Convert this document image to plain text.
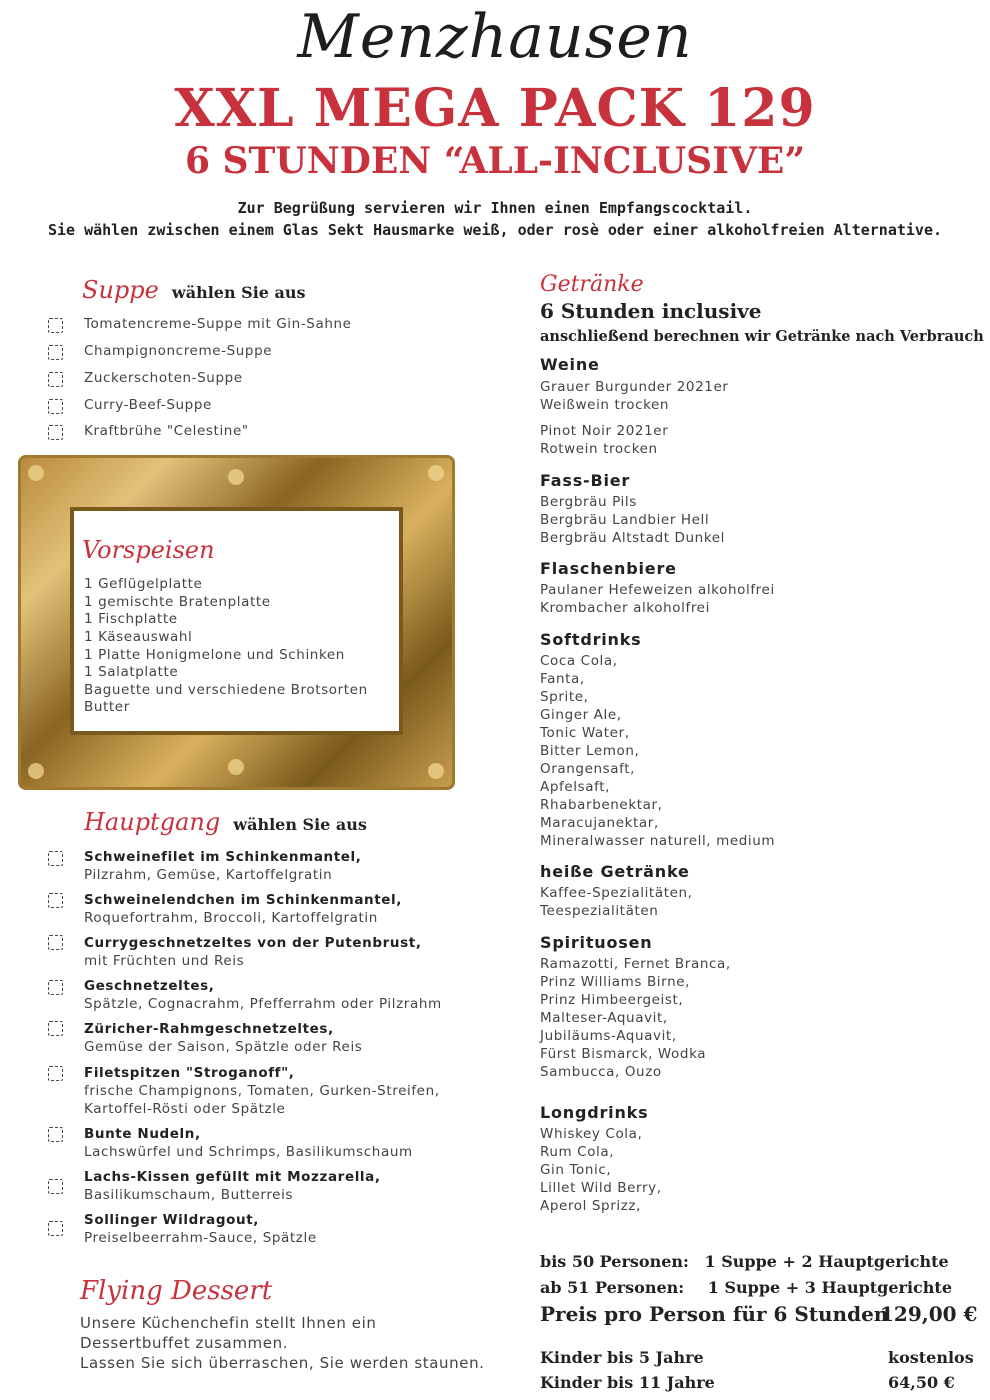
Menzhausen
XXL MEGA PACK 129
6 STUNDEN “ALL-INCLUSIVE”
Zur Begrüßung servieren wir Ihnen einen Empfangscocktail.
Sie wählen zwischen einem Glas Sekt Hausmarke weiß, oder rosè oder einer alkoholfreien Alternative.
Suppe wählen Sie aus
Tomatencreme-Suppe mit Gin-Sahne
Champignoncreme-Suppe
Zuckerschoten-Suppe
Curry-Beef-Suppe
Kraftbrühe "Celestine"
Vorspeisen
1 Geflügelplatte
1 gemischte Bratenplatte
1 Fischplatte
1 Käseauswahl
1 Platte Honigmelone und Schinken
1 Salatplatte
Baguette und verschiedene Brotsorten
Butter
Hauptgang wählen Sie aus
Schweinefilet im Schinkenmantel,
Pilzrahm, Gemüse, Kartoffelgratin
Schweinelendchen im Schinkenmantel,
Roquefortrahm, Broccoli, Kartoffelgratin
Currygeschnetzeltes von der Putenbrust,
mit Früchten und Reis
Geschnetzeltes,
Spätzle, Cognacrahm, Pfefferrahm oder Pilzrahm
Züricher-Rahmgeschnetzeltes,
Gemüse der Saison, Spätzle oder Reis
Filetspitzen "Stroganoff",
frische Champignons, Tomaten, Gurken-Streifen,
Kartoffel-Rösti oder Spätzle
Bunte Nudeln,
Lachswürfel und Schrimps, Basilikumschaum
Lachs-Kissen gefüllt mit Mozzarella,
Basilikumschaum, Butterreis
Sollinger Wildragout,
Preiselbeerrahm-Sauce, Spätzle
Flying Dessert
Unsere Küchenchefin stellt Ihnen ein
Dessertbuffet zusammen.
Lassen Sie sich überraschen, Sie werden staunen.
Getränke
6 Stunden inclusive
anschließend berechnen wir Getränke nach Verbrauch
Weine
Grauer Burgunder 2021er
Weißwein trocken
Pinot Noir 2021er
Rotwein trocken
Fass-Bier
Bergbräu Pils
Bergbräu Landbier Hell
Bergbräu Altstadt Dunkel
Flaschenbiere
Paulaner Hefeweizen alkoholfrei
Krombacher alkoholfrei
Softdrinks
Coca Cola,
Fanta,
Sprite,
Ginger Ale,
Tonic Water,
Bitter Lemon,
Orangensaft,
Apfelsaft,
Rhabarbenektar,
Maracujanektar,
Mineralwasser naturell, medium
heiße Getränke
Kaffee-Spezialitäten,
Teespezialitäten
Spirituosen
Ramazotti, Fernet Branca,
Prinz Williams Birne,
Prinz Himbeergeist,
Malteser-Aquavit,
Jubiläums-Aquavit,
Fürst Bismarck, Wodka
Sambucca, Ouzo
Longdrinks
Whiskey Cola,
Rum Cola,
Gin Tonic,
Lillet Wild Berry,
Aperol Sprizz,
bis 50 Personen: 1 Suppe + 2 Hauptgerichte
ab 51 Personen: 1 Suppe + 3 Hauptgerichte
Preis pro Person für 6 Stunden
129,00 €
Kinder bis 5 Jahre	kostenlos
Kinder bis 11 Jahre	64,50 €
